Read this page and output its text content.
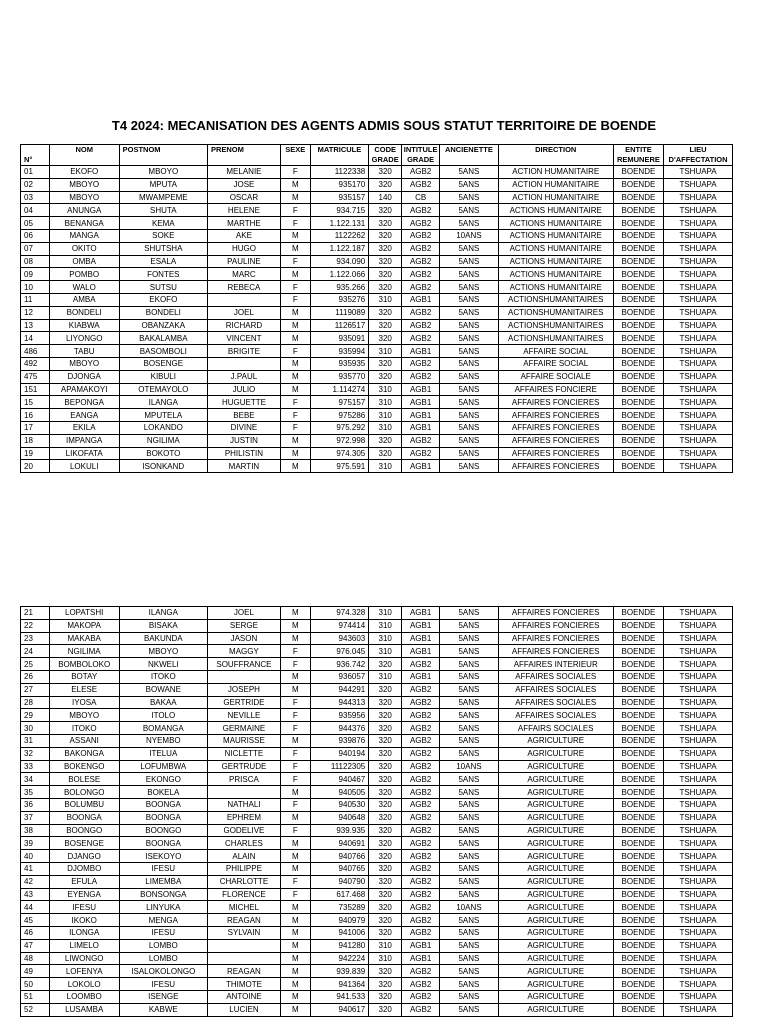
T4 2024: MECANISATION DES AGENTS ADMIS SOUS STATUT TERRITOIRE DE BOENDE
N°	NOM	POSTNOM	PRENOM	SEXE	MATRICULE	CODE GRADE	INTITULE GRADE	ANCIENETTE	DIRECTION	ENTITE REMUNERE	LIEU D'AFFECTATION
01	EKOFO	MBOYO	MELANIE	F	1122338	320	AGB2	5ANS	ACTION HUMANITAIRE	BOENDE	TSHUAPA
02	MBOYO	MPUTA	JOSE	M	935170	320	AGB2	5ANS	ACTION HUMANITAIRE	BOENDE	TSHUAPA
03	MBOYO	MWAMPEME	OSCAR	M	935157	140	CB	5ANS	ACTION HUMANITAIRE	BOENDE	TSHUAPA
04	ANUNGA	SHUTA	HELENE	F	934.715	320	AGB2	5ANS	ACTIONS HUMANITAIRE	BOENDE	TSHUAPA
05	BENANGA	KEMA	MARTHE	F	1.122.131	320	AGB2	5ANS	ACTIONS HUMANITAIRE	BOENDE	TSHUAPA
06	MANGA	SOKE	AKE	M	1122262	320	AGB2	10ANS	ACTIONS HUMANITAIRE	BOENDE	TSHUAPA
07	OKITO	SHUTSHA	HUGO	M	1.122.187	320	AGB2	5ANS	ACTIONS HUMANITAIRE	BOENDE	TSHUAPA
08	OMBA	ESALA	PAULINE	F	934.090	320	AGB2	5ANS	ACTIONS HUMANITAIRE	BOENDE	TSHUAPA
09	POMBO	FONTES	MARC	M	1.122.066	320	AGB2	5ANS	ACTIONS HUMANITAIRE	BOENDE	TSHUAPA
10	WALO	SUTSU	REBECA	F	935.266	320	AGB2	5ANS	ACTIONS HUMANITAIRE	BOENDE	TSHUAPA
11	AMBA	EKOFO		F	935276	310	AGB1	5ANS	ACTIONSHUMANITAIRES	BOENDE	TSHUAPA
12	BONDELI	BONDELI	JOEL	M	1119089	320	AGB2	5ANS	ACTIONSHUMANITAIRES	BOENDE	TSHUAPA
13	KIABWA	OBANZAKA	RICHARD	M	1126517	320	AGB2	5ANS	ACTIONSHUMANITAIRES	BOENDE	TSHUAPA
14	LIYONGO	BAKALAMBA	VINCENT	M	935091	320	AGB2	5ANS	ACTIONSHUMANITAIRES	BOENDE	TSHUAPA
486	TABU	BASOMBOLI	BRIGITE	F	935994	310	AGB1	5ANS	AFFAIRE SOCIAL	BOENDE	TSHUAPA
492	MBOYO	BOSENGE		M	935935	320	AGB2	5ANS	AFFAIRE SOCIAL	BOENDE	TSHUAPA
475	DJONGA	KIBULI	J.PAUL	M	935770	320	AGB2	5ANS	AFFAIRE SOCIALE	BOENDE	TSHUAPA
151	APAMAKOYI	OTEMAYOLO	JULIO	M	1.114274	310	AGB1	5ANS	AFFAIRES FONCIERE	BOENDE	TSHUAPA
15	BEPONGA	ILANGA	HUGUETTE	F	975157	310	AGB1	5ANS	AFFAIRES FONCIERES	BOENDE	TSHUAPA
16	EANGA	MPUTELA	BEBE	F	975286	310	AGB1	5ANS	AFFAIRES FONCIERES	BOENDE	TSHUAPA
17	EKILA	LOKANDO	DIVINE	F	975.292	310	AGB1	5ANS	AFFAIRES FONCIERES	BOENDE	TSHUAPA
18	IMPANGA	NGILIMA	JUSTIN	M	972.998	320	AGB2	5ANS	AFFAIRES FONCIERES	BOENDE	TSHUAPA
19	LIKOFATA	BOKOTO	PHILISTIN	M	974.305	320	AGB2	5ANS	AFFAIRES FONCIERES	BOENDE	TSHUAPA
20	LOKULI	ISONKAND	MARTIN	M	975.591	310	AGB1	5ANS	AFFAIRES FONCIERES	BOENDE	TSHUAPA
21	LOPATSHI	ILANGA	JOEL	M	974.328	310	AGB1	5ANS	AFFAIRES FONCIERES	BOENDE	TSHUAPA
22	MAKOPA	BISAKA	SERGE	M	974414	310	AGB1	5ANS	AFFAIRES FONCIERES	BOENDE	TSHUAPA
23	MAKABA	BAKUNDA	JASON	M	943603	310	AGB1	5ANS	AFFAIRES FONCIERES	BOENDE	TSHUAPA
24	NGILIMA	MBOYO	MAGGY	F	976.045	310	AGB1	5ANS	AFFAIRES FONCIERES	BOENDE	TSHUAPA
25	BOMBOLOKO	NKWELI	SOUFFRANCE	F	936.742	320	AGB2	5ANS	AFFAIRES INTERIEUR	BOENDE	TSHUAPA
26	BOTAY	ITOKO		M	936057	310	AGB1	5ANS	AFFAIRES SOCIALES	BOENDE	TSHUAPA
27	ELESE	BOWANE	JOSEPH	M	944291	320	AGB2	5ANS	AFFAIRES SOCIALES	BOENDE	TSHUAPA
28	IYOSA	BAKAA	GERTRIDE	F	944313	320	AGB2	5ANS	AFFAIRES SOCIALES	BOENDE	TSHUAPA
29	MBOYO	ITOLO	NEVILLE	F	935956	320	AGB2	5ANS	AFFAIRES SOCIALES	BOENDE	TSHUAPA
30	ITOKO	BOMANGA	GERMAINE	F	944376	320	AGB2	5ANS	AFFAIRS SOCIALES	BOENDE	TSHUAPA
31	ASSANI	NYEMBO	MAURISSE	M	939876	320	AGB2	5ANS	AGRICULTURE	BOENDE	TSHUAPA
32	BAKONGA	ITELUA	NICLETTE	F	940194	320	AGB2	5ANS	AGRICULTURE	BOENDE	TSHUAPA
33	BOKENGO	LOFUMBWA	GERTRUDE	F	11122305	320	AGB2	10ANS	AGRICULTURE	BOENDE	TSHUAPA
34	BOLESE	EKONGO	PRISCA	F	940467	320	AGB2	5ANS	AGRICULTURE	BOENDE	TSHUAPA
35	BOLONGO	BOKELA		M	940505	320	AGB2	5ANS	AGRICULTURE	BOENDE	TSHUAPA
36	BOLUMBU	BOONGA	NATHALI	F	940530	320	AGB2	5ANS	AGRICULTURE	BOENDE	TSHUAPA
37	BOONGA	BOONGA	EPHREM	M	940648	320	AGB2	5ANS	AGRICULTURE	BOENDE	TSHUAPA
38	BOONGO	BOONGO	GODELIVE	F	939.935	320	AGB2	5ANS	AGRICULTURE	BOENDE	TSHUAPA
39	BOSENGE	BOONGA	CHARLES	M	940691	320	AGB2	5ANS	AGRICULTURE	BOENDE	TSHUAPA
40	DJANGO	ISEKOYO	ALAIN	M	940766	320	AGB2	5ANS	AGRICULTURE	BOENDE	TSHUAPA
41	DJOMBO	IFESU	PHILIPPE	M	940765	320	AGB2	5ANS	AGRICULTURE	BOENDE	TSHUAPA
42	EFULA	LIMEMBA	CHARLOTTE	F	940790	320	AGB2	5ANS	AGRICULTURE	BOENDE	TSHUAPA
43	EYENGA	BONSONGA	FLORENCE	F	617.468	320	AGB2	5ANS	AGRICULTURE	BOENDE	TSHUAPA
44	IFESU	LINYUKA	MICHEL	M	735289	320	AGB2	10ANS	AGRICULTURE	BOENDE	TSHUAPA
45	IKOKO	MENGA	REAGAN	M	940979	320	AGB2	5ANS	AGRICULTURE	BOENDE	TSHUAPA
46	ILONGA	IFESU	SYLVAIN	M	941006	320	AGB2	5ANS	AGRICULTURE	BOENDE	TSHUAPA
47	LIMELO	LOMBO		M	941280	310	AGB1	5ANS	AGRICULTURE	BOENDE	TSHUAPA
48	LIWONGO	LOMBO		M	942224	310	AGB1	5ANS	AGRICULTURE	BOENDE	TSHUAPA
49	LOFENYA	ISALOKOLONGO	REAGAN	M	939.839	320	AGB2	5ANS	AGRICULTURE	BOENDE	TSHUAPA
50	LOKOLO	IFESU	THIMOTE	M	941364	320	AGB2	5ANS	AGRICULTURE	BOENDE	TSHUAPA
51	LOOMBO	ISENGE	ANTOINE	M	941.533	320	AGB2	5ANS	AGRICULTURE	BOENDE	TSHUAPA
52	LUSAMBA	KABWE	LUCIEN	M	940617	320	AGB2	5ANS	AGRICULTURE	BOENDE	TSHUAPA
